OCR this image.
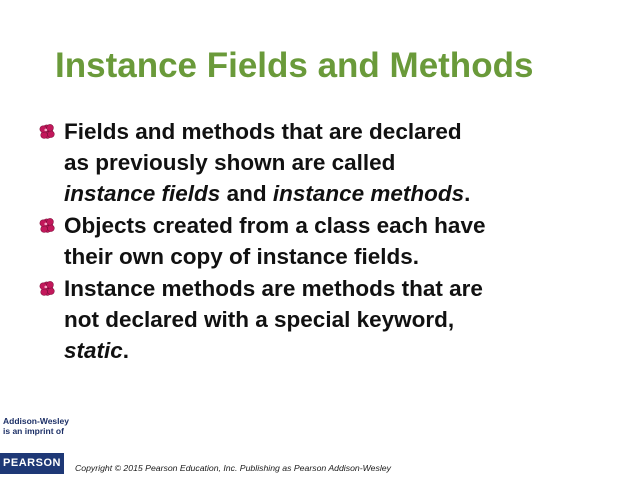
Instance Fields and Methods
Fields and methods that are declared
as previously shown are called
instance fields and instance methods.
Objects created from a class each have
their own copy of instance fields.
Instance methods are methods that are
not declared with a special keyword,
static.
Addison-Wesley
is an imprint of
PEARSON	Copyright © 2015 Pearson Education, Inc. Publishing as Pearson Addison-Wesley
